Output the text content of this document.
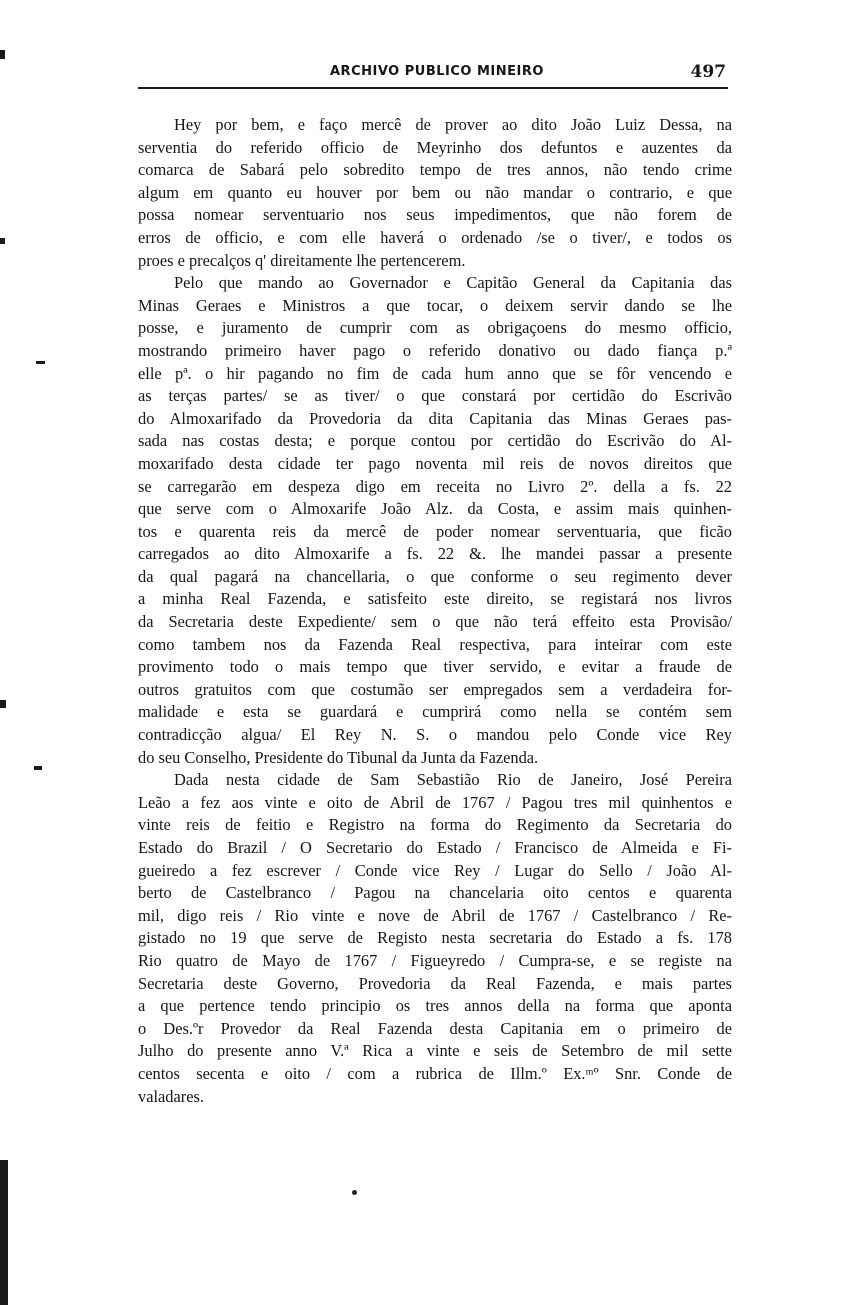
ARCHIVO PUBLICO MINEIRO	497
Hey por bem, e faço mercê de prover ao dito João Luiz Dessa, na
serventia do referido officio de Meyrinho dos defuntos e auzentes da
comarca de Sabará pelo sobredito tempo de tres annos, não tendo crime
algum em quanto eu houver por bem ou não mandar o contrario, e que
possa nomear serventuario nos seus impedimentos, que não forem de
erros de officio, e com elle haverá o ordenado /se o tiver/, e todos os
proes e precalços q' direitamente lhe pertencerem.
Pelo que mando ao Governador e Capitão General da Capitania das
Minas Geraes e Ministros a que tocar, o deixem servir dando se lhe
posse, e juramento de cumprir com as obrigaçoens do mesmo officio,
mostrando primeiro haver pago o referido donativo ou dado fiança p.ª
elle pª. o hir pagando no fim de cada hum anno que se fôr vencendo e
as terças partes/ se as tiver/ o que constará por certidão do Escrivão
do Almoxarifado da Provedoria da dita Capitania das Minas Geraes pas-
sada nas costas desta; e porque contou por certidão do Escrivão do Al-
moxarifado desta cidade ter pago noventa mil reis de novos direitos que
se carregarão em despeza digo em receita no Livro 2º. della a fs. 22
que serve com o Almoxarife João Alz. da Costa, e assim mais quinhen-
tos e quarenta reis da mercê de poder nomear serventuaria, que ficão
carregados ao dito Almoxarife a fs. 22 &. lhe mandei passar a presente
da qual pagará na chancellaria, o que conforme o seu regimento dever
a minha Real Fazenda, e satisfeito este direito, se registará nos livros
da Secretaria deste Expediente/ sem o que não terá effeito esta Provisão/
como tambem nos da Fazenda Real respectiva, para inteirar com este
provimento todo o mais tempo que tiver servido, e evitar a fraude de
outros gratuitos com que costumão ser empregados sem a verdadeira for-
malidade e esta se guardará e cumprirá como nella se contém sem
contradicção algua/ El Rey N. S. o mandou pelo Conde vice Rey
do seu Conselho, Presidente do Tibunal da Junta da Fazenda.
Dada nesta cidade de Sam Sebastião Rio de Janeiro, José Pereira
Leão a fez aos vinte e oito de Abril de 1767 / Pagou tres mil quinhentos e
vinte reis de feitio e Registro na forma do Regimento da Secretaria do
Estado do Brazil / O Secretario do Estado / Francisco de Almeida e Fi-
gueiredo a fez escrever / Conde vice Rey / Lugar do Sello / João Al-
berto de Castelbranco / Pagou na chancelaria oito centos e quarenta
mil, digo reis / Rio vinte e nove de Abril de 1767 / Castelbranco / Re-
gistado no 19 que serve de Registo nesta secretaria do Estado a fs. 178
Rio quatro de Mayo de 1767 / Figueyredo / Cumpra-se, e se registe na
Secretaria deste Governo, Provedoria da Real Fazenda, e mais partes
a que pertence tendo principio os tres annos della na forma que aponta
o Des.ºr Provedor da Real Fazenda desta Capitania em o primeiro de
Julho do presente anno V.ª Rica a vinte e seis de Setembro de mil sette
centos secenta e oito / com a rubrica de Illm.º Ex.ᵐº Snr. Conde de
valadares.
